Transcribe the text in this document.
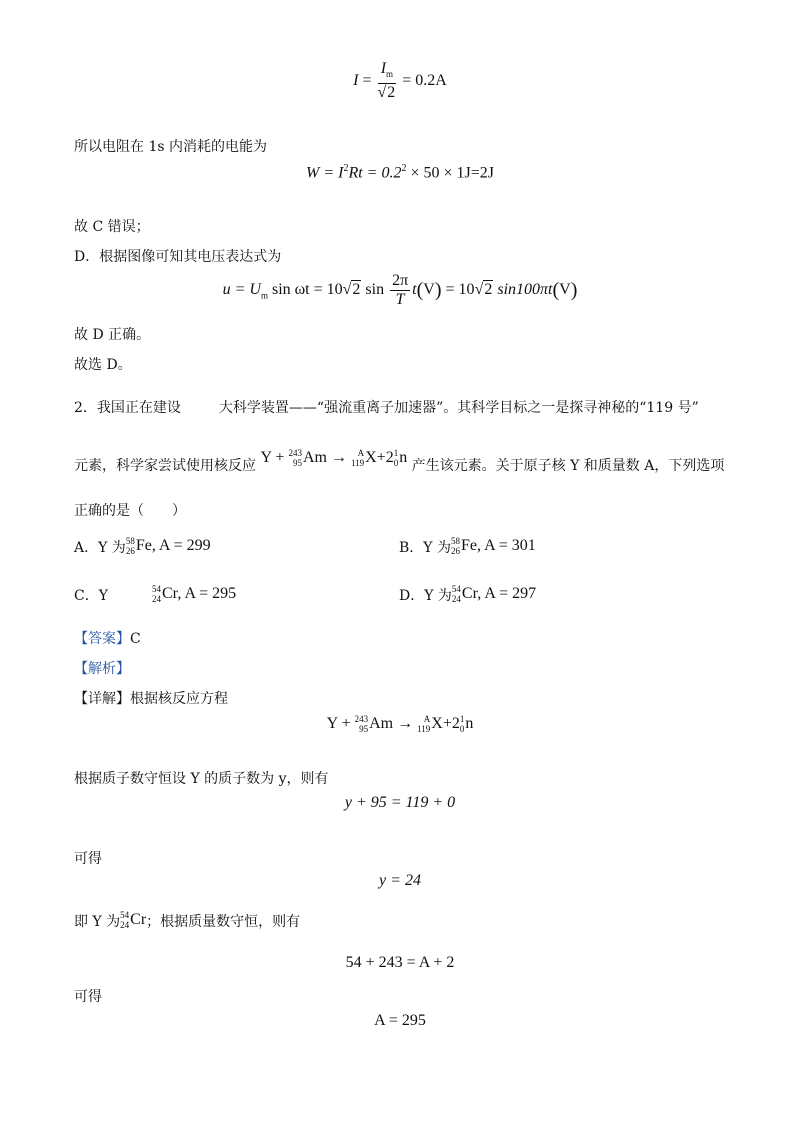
$I = \frac{I_m}{√2} = 0.2A$
所以电阻在 1s 内消耗的电能为
$W = I^2Rt = 0.2^2 \times 50 \times 1J=2J$
故 C 错误；
D．根据图像可知其电压表达式为
$u = U_m$ sin ωt = 10√2 $\sin \frac{2\pi}{T} t(V) = 10√2$ sin100πt(V)
故 D 正确。
故选 D。
2．我国正在建设	大科学装置——“强流重离子加速器”。其科学目标之一是探寻神秘的“119 号”
元素，科学家尝试使用核反应 Y +
243
95 Am
→
	A
119 X+2 1
0 n 产生该元素。关于原子核 Y 和质量数 A，下列选项
正确的是（　　）
A．Y 为 58
26 Fe, A = 299	B．Y 为 58
26 Fe, A = 301
C．Y	54
24 Cr, A = 295	D．Y 为 54
24 Cr, A = 297
【答案】C
【解析】
【详解】根据核反应方程
Y +
243
95 Am
→
	A
119 X+2 1
0 n
根据质子数守恒设 Y 的质子数为 y，则有
y + 95 = 119 + 0
可得
y = 24
即 Y 为 54
24 Cr ；根据质量数守恒，则有
54 + 243 = A + 2
可得
A = 295
